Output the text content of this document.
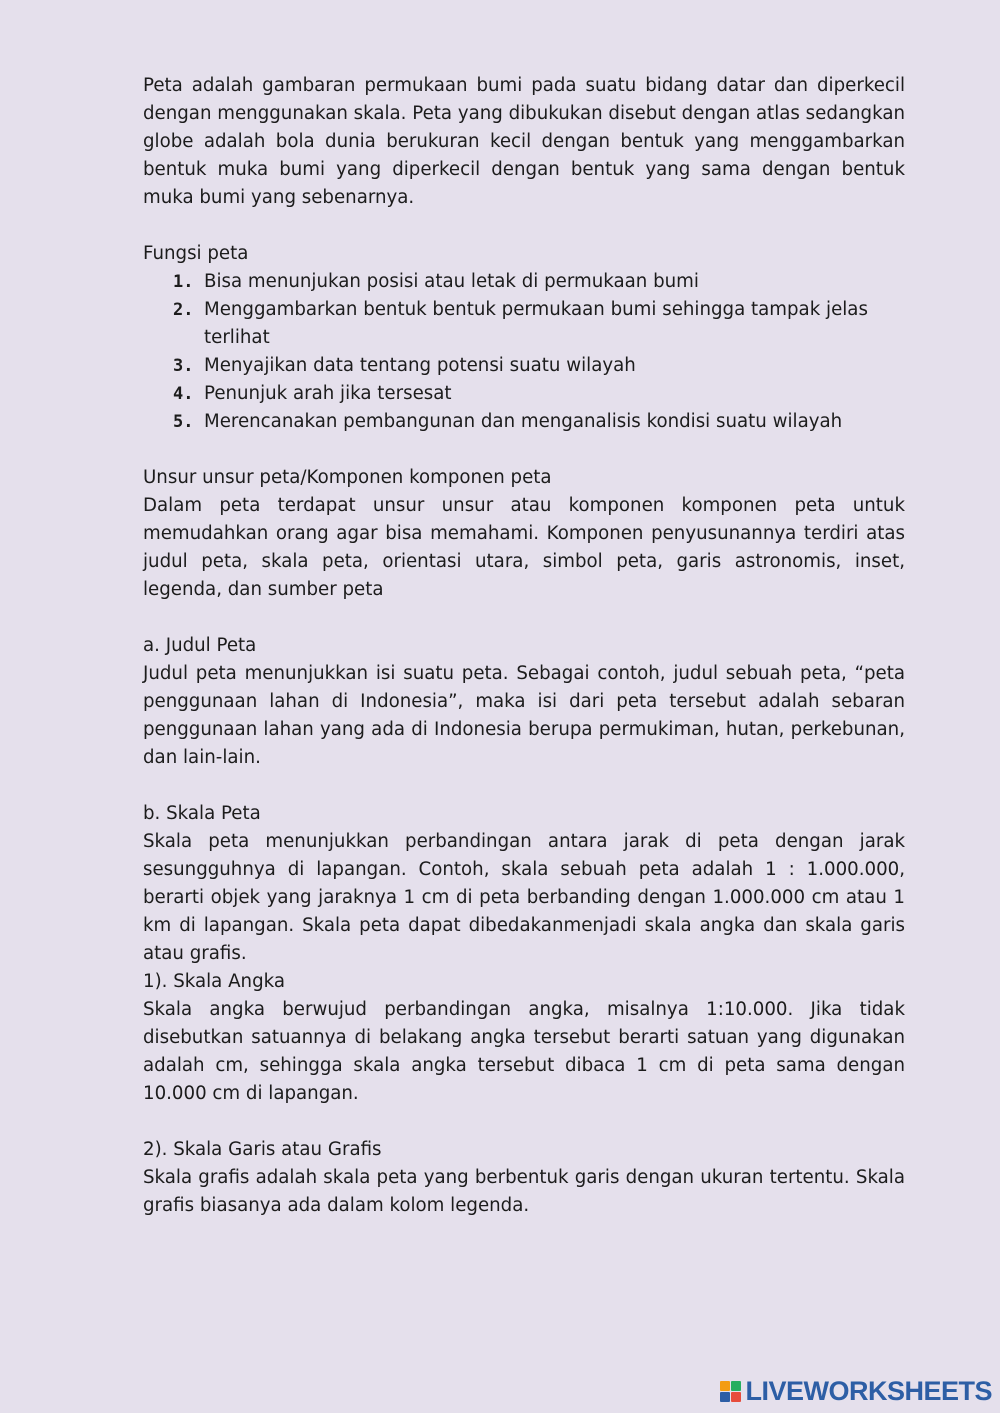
Peta adalah gambaran permukaan bumi pada suatu bidang datar dan diperkecil dengan menggunakan skala. Peta yang dibukukan disebut dengan atlas sedangkan globe adalah bola dunia berukuran kecil dengan bentuk yang menggambarkan bentuk muka bumi yang diperkecil dengan bentuk yang sama dengan bentuk muka bumi yang sebenarnya.

Fungsi peta

1. Bisa menunjukan posisi atau letak di permukaan bumi
2. Menggambarkan bentuk bentuk permukaan bumi sehingga tampak jelas terlihat
3. Menyajikan data tentang potensi suatu wilayah
4. Penunjuk arah jika tersesat
5. Merencanakan pembangunan dan menganalisis kondisi suatu wilayah

Unsur unsur peta/Komponen komponen peta

Dalam peta terdapat unsur unsur atau komponen komponen peta untuk memudahkan orang agar bisa memahami. Komponen penyusunannya terdiri atas judul peta, skala peta, orientasi utara, simbol peta, garis astronomis, inset, legenda, dan sumber peta

a. Judul Peta

Judul peta menunjukkan isi suatu peta. Sebagai contoh, judul sebuah peta, “peta penggunaan lahan di Indonesia”, maka isi dari peta tersebut adalah sebaran penggunaan lahan yang ada di Indonesia berupa permukiman, hutan, perkebunan, dan lain-lain.

b. Skala Peta

Skala peta menunjukkan perbandingan antara jarak di peta dengan jarak sesungguhnya di lapangan. Contoh, skala sebuah peta adalah 1 : 1.000.000, berarti objek yang jaraknya 1 cm di peta berbanding dengan 1.000.000 cm atau 1 km di lapangan. Skala peta dapat dibedakanmenjadi skala angka dan skala garis atau grafis.

1). Skala Angka

Skala angka berwujud perbandingan angka, misalnya 1:10.000. Jika tidak disebutkan satuannya di belakang angka tersebut berarti satuan yang digunakan adalah cm, sehingga skala angka tersebut dibaca 1 cm di peta sama dengan 10.000 cm di lapangan.

2). Skala Garis atau Grafis

Skala grafis adalah skala peta yang berbentuk garis dengan ukuran tertentu. Skala grafis biasanya ada dalam kolom legenda.

LIVEWORKSHEETS
